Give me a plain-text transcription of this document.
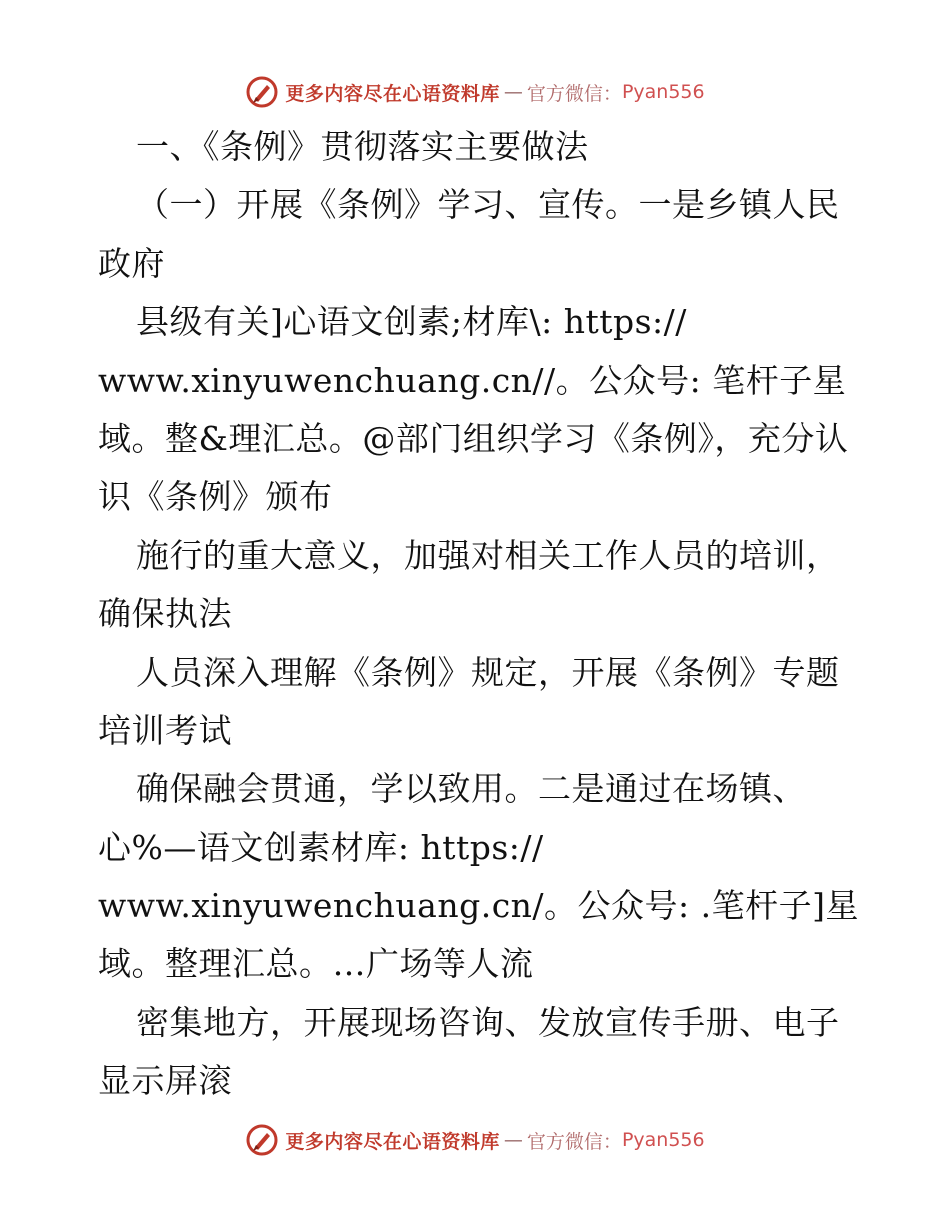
更多内容尽在心语资料库 — 官方微信： Pyan556
一、《条例》贯彻落实主要做法
（一）开展《条例》学习、宣传。一是乡镇人民
政府
县级有关]心语文创素;材库\: https://
www.xinyuwenchuang.cn//。公众号: 笔杆子星
域。整&理汇总。@部门组织学习《条例》，充分认
识《条例》颁布
施行的重大意义，加强对相关工作人员的培训，
确保执法
人员深入理解《条例》规定，开展《条例》专题
培训考试
确保融会贯通，学以致用。二是通过在场镇、
心%—语文创素材库: https://
www.xinyuwenchuang.cn/。公众号: .笔杆子]星
域。整理汇总。…广场等人流
密集地方，开展现场咨询、发放宣传手册、电子
显示屏滚
更多内容尽在心语资料库 — 官方微信： Pyan556
